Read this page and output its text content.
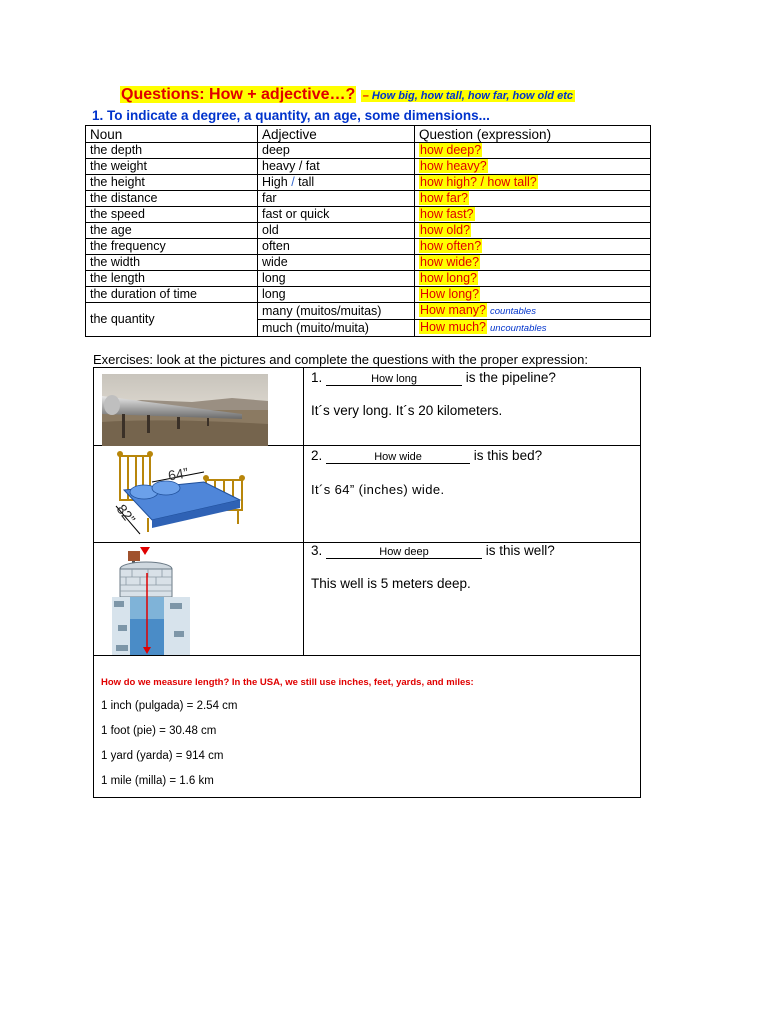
Questions: How + adjective…? – How big, how tall, how far, how old etc
1. To indicate a degree, a quantity, an age, some dimensions...
Noun	Adjective	Question (expression)
the depth	deep	how deep?
the weight	heavy / fat	how heavy?
the height	High / tall	how high? / how tall?
the distance	far	how far?
the speed	fast or quick	how fast?
the age	old	how old?
the frequency	often	how often?
the width	wide	how wide?
the length	long	how long?
the duration of time	long	How long?
the quantity	many (muitos/muitas)	How many? countables
	much (muito/muita)	How much? uncountables
Exercises: look at the pictures and complete the questions with the proper expression:
1.	How long	is the pipeline?
It´s very long. It´s 20 kilometers.
64”
82”
2.	How wide	is this bed?
It´s 64” (inches) wide.
3.	How deep	is this well?
This well is 5 meters deep.
How do we measure length? In the USA, we still use inches, feet, yards, and miles:
1 inch (pulgada) = 2.54 cm
1 foot (pie) = 30.48 cm
1 yard (yarda) = 914 cm
1 mile (milla) = 1.6 km
